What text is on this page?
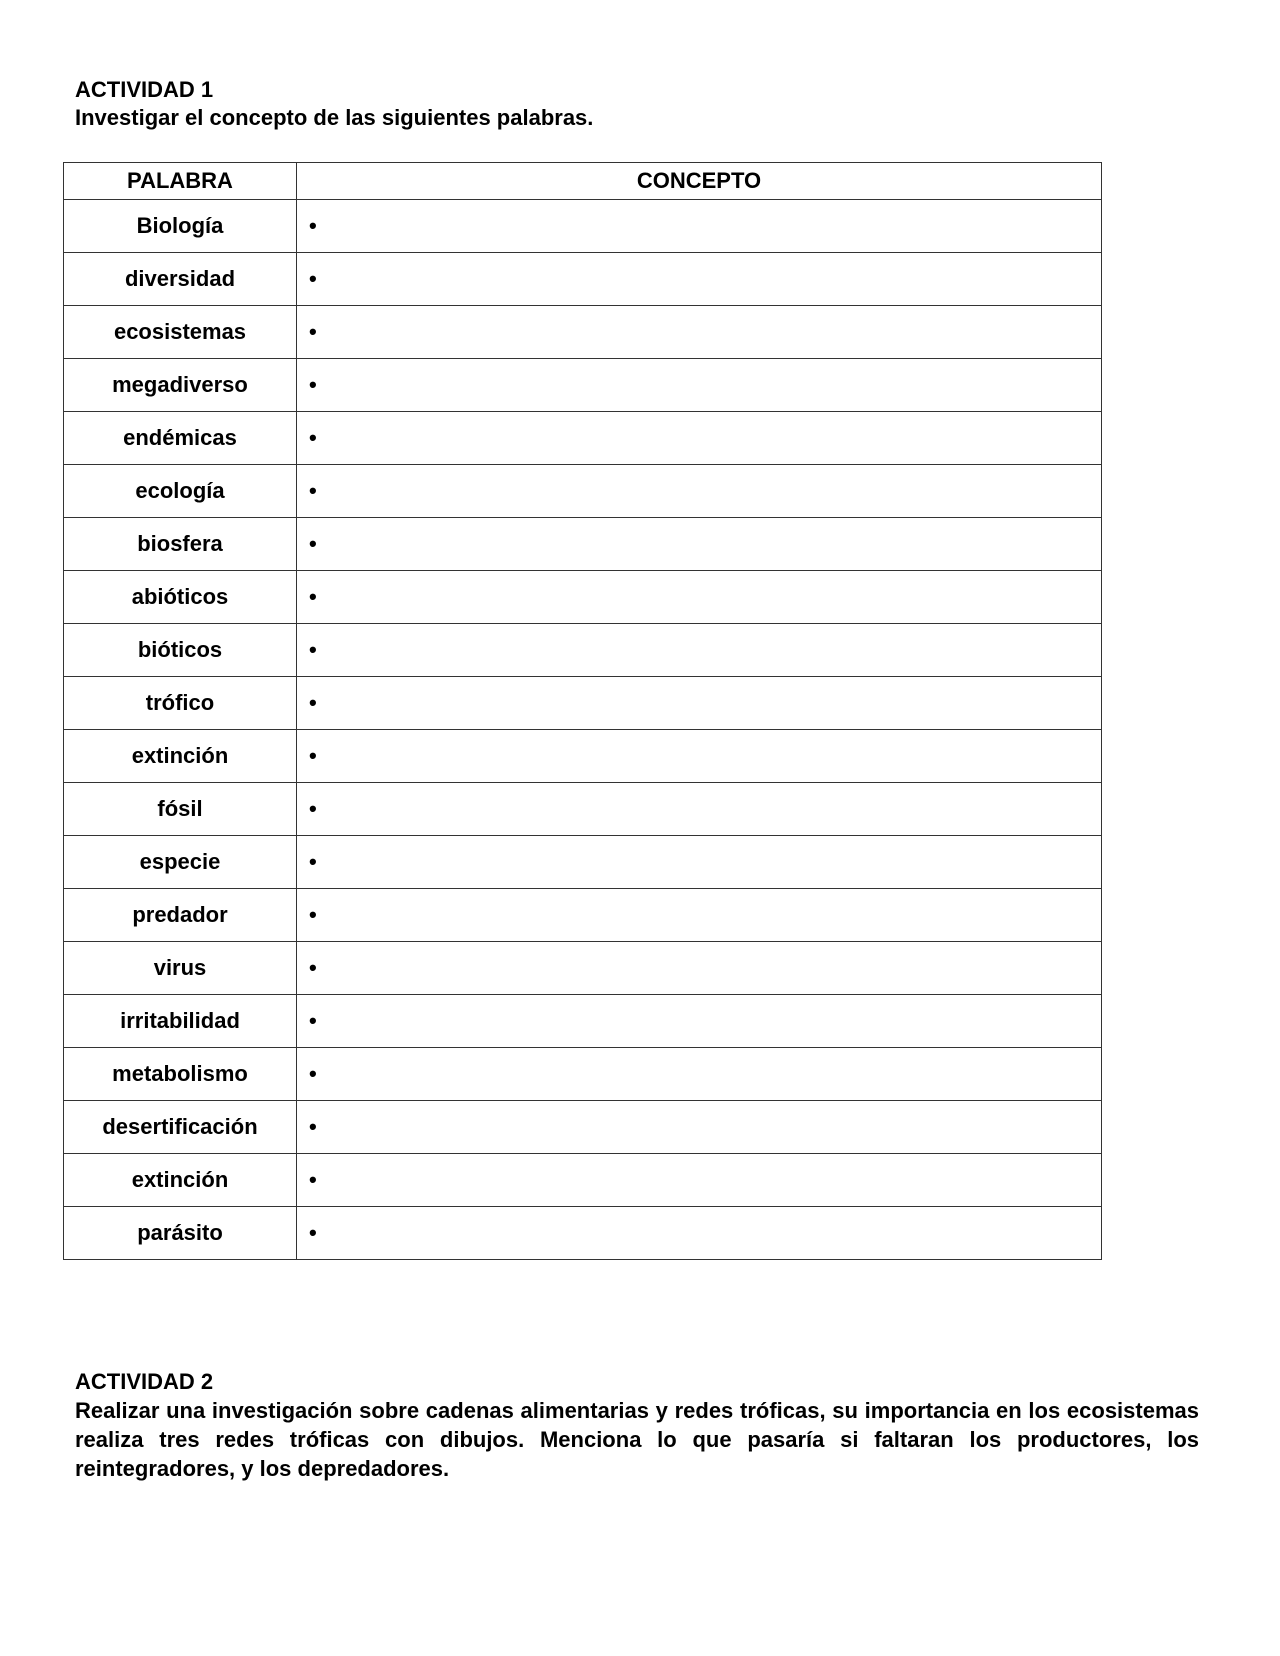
ACTIVIDAD 1

Investigar el concepto de las siguientes palabras.

PALABRA	CONCEPTO
Biología	•
diversidad	•
ecosistemas	•
megadiverso	•
endémicas	•
ecología	•
biosfera	•
abióticos	•
bióticos	•
trófico	•
extinción	•
fósil	•
especie	•
predador	•
virus	•
irritabilidad	•
metabolismo	•
desertificación	•
extinción	•
parásito	•
ACTIVIDAD 2

Realizar una investigación sobre cadenas alimentarias y redes tróficas, su importancia en los ecosistemas realiza tres redes tróficas con dibujos. Menciona lo que pasaría si faltaran los productores, los reintegradores, y los depredadores.
